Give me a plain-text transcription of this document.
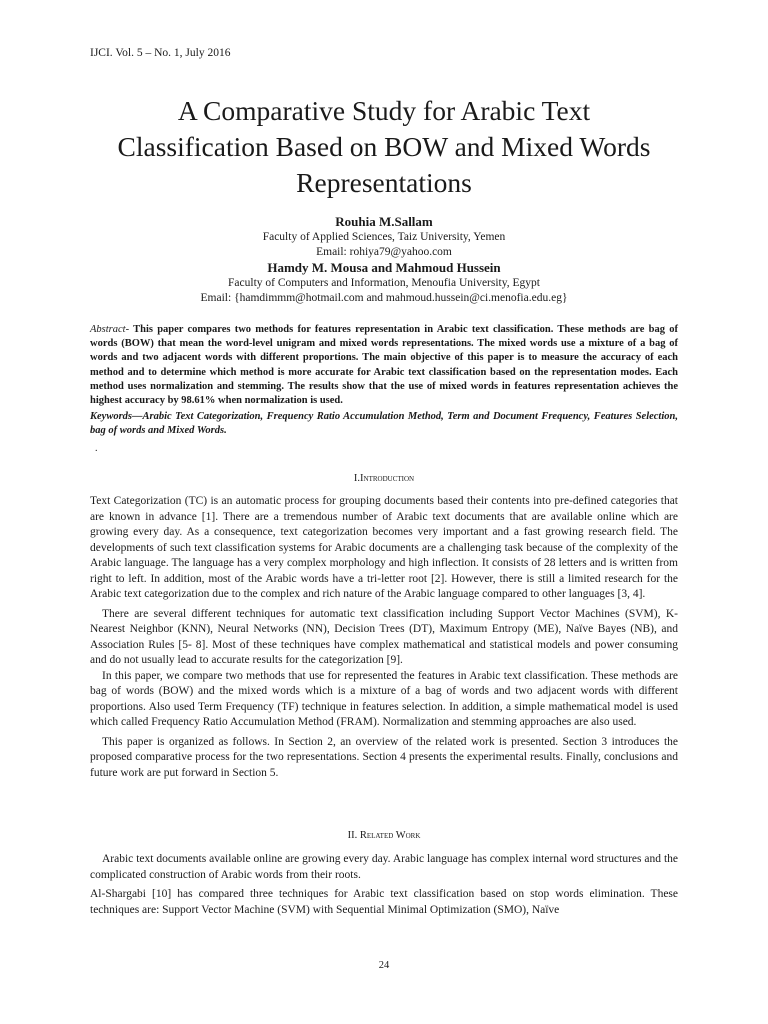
IJCI. Vol. 5 – No. 1, July 2016
A Comparative Study for Arabic Text
Classification Based on BOW and Mixed Words
Representations
Rouhia M.Sallam
Faculty of Applied Sciences, Taiz University, Yemen
Email: rohiya79@yahoo.com
Hamdy M. Mousa and Mahmoud Hussein
Faculty of Computers and Information, Menoufia University, Egypt
Email: {hamdimmm@hotmail.com and mahmoud.hussein@ci.menofia.edu.eg}
Abstract- This paper compares two methods for features representation in Arabic text classification. These methods are bag of words (BOW) that mean the word-level unigram and mixed words representations. The mixed words use a mixture of a bag of words and two adjacent words with different proportions. The main objective of this paper is to measure the accuracy of each method and to determine which method is more accurate for Arabic text classification based on the representation modes. Each method uses normalization and stemming. The results show that the use of mixed words in features representation achieves the highest accuracy by 98.61% when normalization is used.
Keywords—Arabic Text Categorization, Frequency Ratio Accumulation Method, Term and Document Frequency, Features Selection, bag of words and Mixed Words.
.
I.Introduction

Text Categorization (TC) is an automatic process for grouping documents based their contents into pre-defined categories that are known in advance [1]. There are a tremendous number of Arabic text documents that are available online which are growing every day. As a consequence, text categorization becomes very important and a fast growing research field. The developments of such text classification systems for Arabic documents are a challenging task because of the complexity of the Arabic language. The language has a very complex morphology and high inflection. It consists of 28 letters and is written from right to left. In addition, most of the Arabic words have a tri-letter root [2]. However, there is still a limited research for the Arabic text categorization due to the complex and rich nature of the Arabic language compared to other languages [3, 4].

There are several different techniques for automatic text classification including Support Vector Machines (SVM), K- Nearest Neighbor (KNN), Neural Networks (NN), Decision Trees (DT), Maximum Entropy (ME), Naïve Bayes (NB), and Association Rules [5- 8]. Most of these techniques have complex mathematical and statistical models and power consuming and do not usually lead to accurate results for the categorization [9].

In this paper, we compare two methods that use for represented the features in Arabic text classification. These methods are bag of words (BOW) and the mixed words which is a mixture of a bag of words and two adjacent words with different proportions. Also used Term Frequency (TF) technique in features selection. In addition, a simple mathematical model is used which called Frequency Ratio Accumulation Method (FRAM). Normalization and stemming approaches are also used.

This paper is organized as follows. In Section 2, an overview of the related work is presented. Section 3 introduces the proposed comparative process for the two representations. Section 4 presents the experimental results. Finally, conclusions and future work are put forward in Section 5.

II. Related Work

Arabic text documents available online are growing every day. Arabic language has complex internal word structures and the complicated construction of Arabic words from their roots.

Al-Shargabi [10] has compared three techniques for Arabic text classification based on stop words elimination. These techniques are: Support Vector Machine (SVM) with Sequential Minimal Optimization (SMO), Naïve

24
